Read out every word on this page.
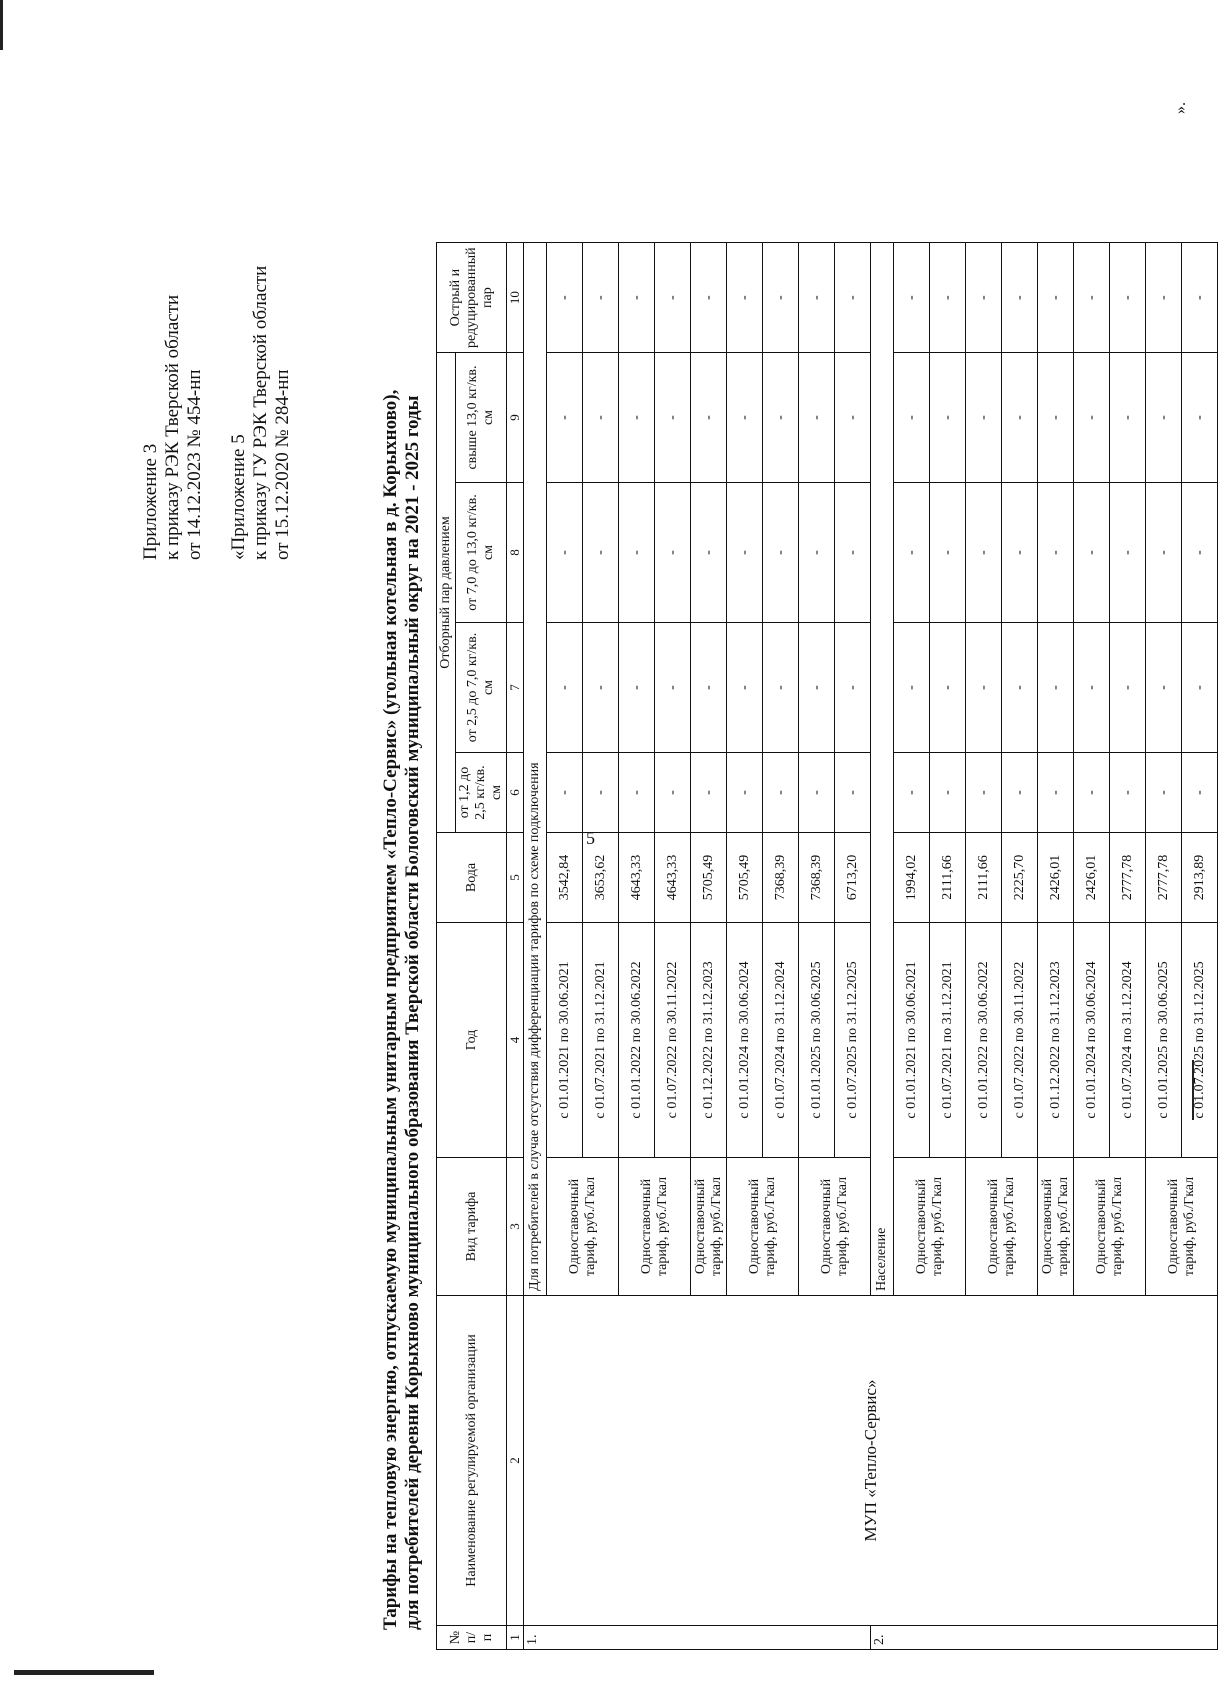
5
Приложение 3 к приказу РЭК Тверской области от 14.12.2023 № 454-нп «Приложение 5 к приказу ГУ РЭК Тверской области от 15.12.2020 № 284-нп	Тарифы на тепловую энергию, отпускаемую муниципальным унитарным предприятием «Тепло-Сервис» (угольная котельная в д. Корыхново), для потребителей деревни Корыхново муниципального образования Тверской области Бологовский муниципальный округ на 2021 - 2025 годы
№ п/п	Наименование регулируемой организации	Вид тарифа	Год	Вода	Отборный пар давлением				Острый и редуцированный пар
					от 1,2 до 2,5 кг/кв. см	от 2,5 до 7,0 кг/кв. см	от 7,0 до 13,0 кг/кв. см	свыше 13,0 кг/кв. см	
1	2	3	4	5	6	7	8	9	10
1.	МУП «Тепло-Сервис»	Для потребителей в случае отсутствия дифференциации тарифов по схеме подключения							
		Одноставочный тариф, руб./Гкал	с 01.01.2021 по 30.06.2021	3542,84	-	-	-	-	-
			с 01.07.2021 по 31.12.2021	3653,62	-	-	-	-	-
		Одноставочный тариф, руб./Гкал	с 01.01.2022 по 30.06.2022	4643,33	-	-	-	-	-
			с 01.07.2022 по 30.11.2022	4643,33	-	-	-	-	-
		Одноставочный тариф, руб./Гкал	с 01.12.2022 по 31.12.2023	5705,49	-	-	-	-	-
		Одноставочный тариф, руб./Гкал	с 01.01.2024 по 30.06.2024	5705,49	-	-	-	-	-
			с 01.07.2024 по 31.12.2024	7368,39	-	-	-	-	-
		Одноставочный тариф, руб./Гкал	с 01.01.2025 по 30.06.2025	7368,39	-	-	-	-	-
			с 01.07.2025 по 31.12.2025	6713,20	-	-	-	-	-
2.		Население							
		Одноставочный тариф, руб./Гкал	с 01.01.2021 по 30.06.2021	1994,02	-	-	-	-	-
			с 01.07.2021 по 31.12.2021	2111,66	-	-	-	-	-
		Одноставочный тариф, руб./Гкал	с 01.01.2022 по 30.06.2022	2111,66	-	-	-	-	-
			с 01.07.2022 по 30.11.2022	2225,70	-	-	-	-	-
		Одноставочный тариф, руб./Гкал	с 01.12.2022 по 31.12.2023	2426,01	-	-	-	-	-
		Одноставочный тариф, руб./Гкал	с 01.01.2024 по 30.06.2024	2426,01	-	-	-	-	-
			с 01.07.2024 по 31.12.2024	2777,78	-	-	-	-	-
		Одноставочный тариф, руб./Гкал	с 01.01.2025 по 30.06.2025	2777,78	-	-	-	-	-
			с 01.07.2025 по 31.12.2025	2913,89	-	-	-	-	-
».
